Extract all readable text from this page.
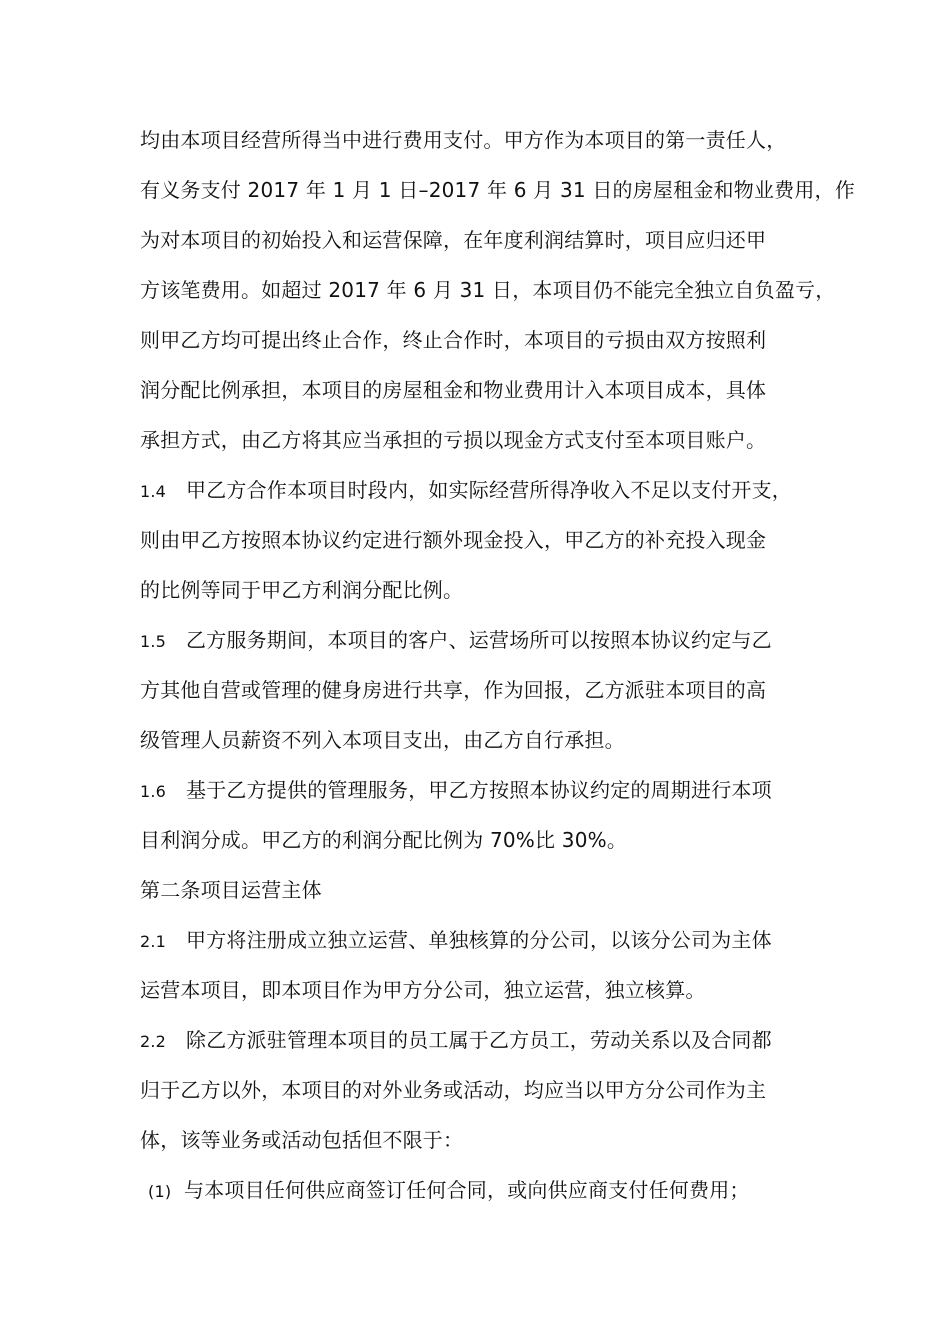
均由本项目经营所得当中进行费用支付。甲方作为本项目的第一责任人，
有义务支付 2017 年 1 月 1 日–2017 年 6 月 31 日的房屋租金和物业费用，作
为对本项目的初始投入和运营保障，在年度利润结算时，项目应归还甲
方该笔费用。如超过 2017 年 6 月 31 日，本项目仍不能完全独立自负盈亏，
则甲乙方均可提出终止合作，终止合作时，本项目的亏损由双方按照利
润分配比例承担，本项目的房屋租金和物业费用计入本项目成本，具体
承担方式，由乙方将其应当承担的亏损以现金方式支付至本项目账户。
1.4 甲乙方合作本项目时段内，如实际经营所得净收入不足以支付开支，
则由甲乙方按照本协议约定进行额外现金投入，甲乙方的补充投入现金
的比例等同于甲乙方利润分配比例。
1.5 乙方服务期间，本项目的客户、运营场所可以按照本协议约定与乙
方其他自营或管理的健身房进行共享，作为回报，乙方派驻本项目的高
级管理人员薪资不列入本项目支出，由乙方自行承担。
1.6 基于乙方提供的管理服务，甲乙方按照本协议约定的周期进行本项
目利润分成。甲乙方的利润分配比例为 70%比 30%。
第二条项目运营主体
2.1 甲方将注册成立独立运营、单独核算的分公司，以该分公司为主体
运营本项目，即本项目作为甲方分公司，独立运营，独立核算。
2.2 除乙方派驻管理本项目的员工属于乙方员工，劳动关系以及合同都
归于乙方以外，本项目的对外业务或活动，均应当以甲方分公司作为主
体，该等业务或活动包括但不限于：
(1) 与本项目任何供应商签订任何合同，或向供应商支付任何费用；
